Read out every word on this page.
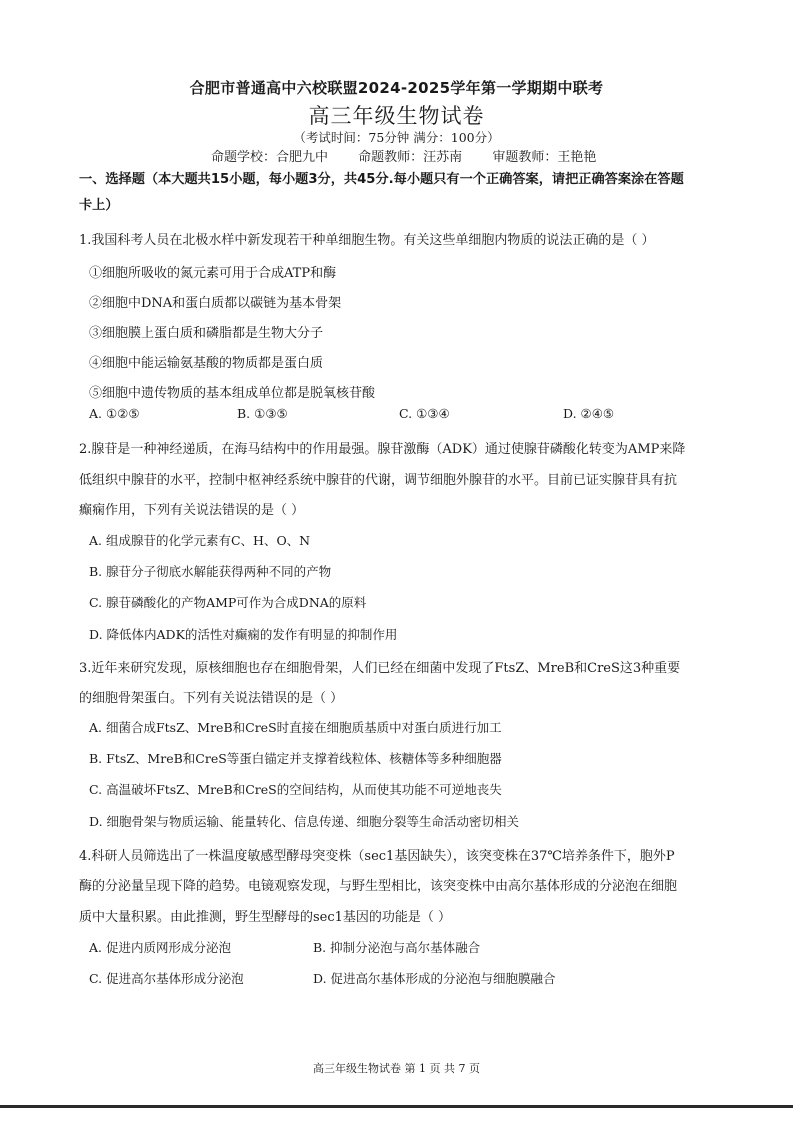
合肥市普通高中六校联盟2024-2025学年第一学期期中联考
高三年级生物试卷
（考试时间：75分钟 满分：100分）
命题学校：合肥九中 命题教师：汪苏南 审题教师：王艳艳
一、选择题（本大题共15小题，每小题3分，共45分.每小题只有一个正确答案，请把正确答案涂在答题
卡上）
1.我国科考人员在北极水样中新发现若干种单细胞生物。有关这些单细胞内物质的说法正确的是（ ）
①细胞所吸收的氮元素可用于合成ATP和酶
②细胞中DNA和蛋白质都以碳链为基本骨架
③细胞膜上蛋白质和磷脂都是生物大分子
④细胞中能运输氨基酸的物质都是蛋白质
⑤细胞中遗传物质的基本组成单位都是脱氧核苷酸
A. ①②⑤	B. ①③⑤	C. ①③④	D. ②④⑤
2.腺苷是一种神经递质，在海马结构中的作用最强。腺苷激酶（ADK）通过使腺苷磷酸化转变为AMP来降
低组织中腺苷的水平，控制中枢神经系统中腺苷的代谢，调节细胞外腺苷的水平。目前已证实腺苷具有抗
癫痫作用，下列有关说法错误的是（ ）
A. 组成腺苷的化学元素有C、H、O、N
B. 腺苷分子彻底水解能获得两种不同的产物
C. 腺苷磷酸化的产物AMP可作为合成DNA的原料
D. 降低体内ADK的活性对癫痫的发作有明显的抑制作用
3.近年来研究发现，原核细胞也存在细胞骨架，人们已经在细菌中发现了FtsZ、MreB和CreS这3种重要
的细胞骨架蛋白。下列有关说法错误的是（ ）
A. 细菌合成FtsZ、MreB和CreS时直接在细胞质基质中对蛋白质进行加工
B. FtsZ、MreB和CreS等蛋白锚定并支撑着线粒体、核糖体等多种细胞器
C. 高温破坏FtsZ、MreB和CreS的空间结构，从而使其功能不可逆地丧失
D. 细胞骨架与物质运输、能量转化、信息传递、细胞分裂等生命活动密切相关
4.科研人员筛选出了一株温度敏感型酵母突变株（sec1基因缺失），该突变株在37℃培养条件下，胞外P
酶的分泌量呈现下降的趋势。电镜观察发现，与野生型相比，该突变株中由高尔基体形成的分泌泡在细胞
质中大量积累。由此推测，野生型酵母的sec1基因的功能是（ ）
A. 促进内质网形成分泌泡	B. 抑制分泌泡与高尔基体融合
C. 促进高尔基体形成分泌泡	D. 促进高尔基体形成的分泌泡与细胞膜融合
高三年级生物试卷 第 1 页 共 7 页
